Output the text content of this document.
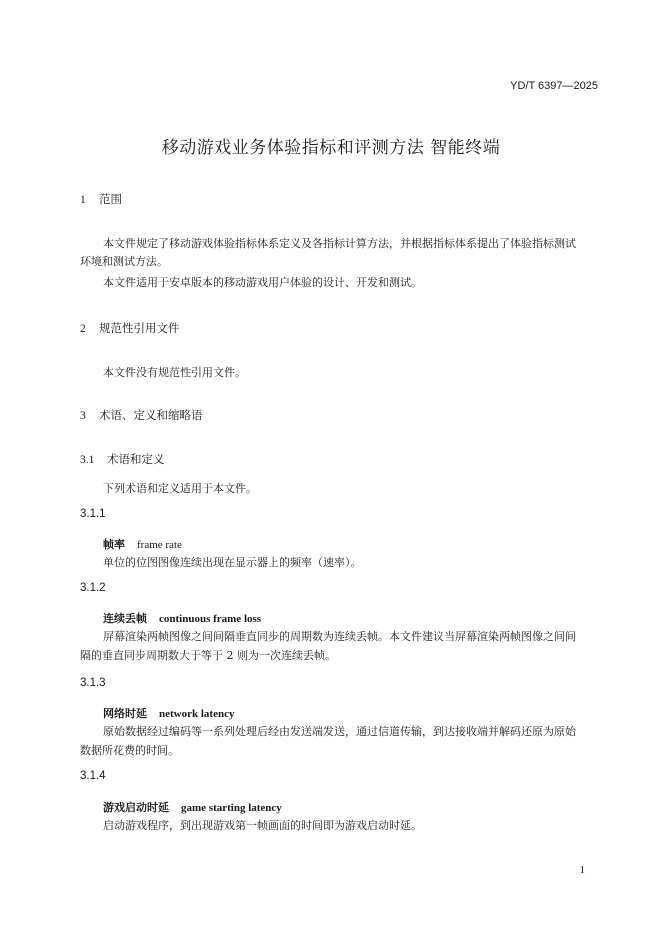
YD/T 6397—2025
移动游戏业务体验指标和评测方法 智能终端
1 范围
本文件规定了移动游戏体验指标体系定义及各指标计算方法，并根据指标体系提出了体验指标测试
环境和测试方法。
本文件适用于安卓版本的移动游戏用户体验的设计、开发和测试。
2 规范性引用文件
本文件没有规范性引用文件。
3 术语、定义和缩略语
3.1 术语和定义
下列术语和定义适用于本文件。
3.1.1
帧率 frame rate
单位的位图图像连续出现在显示器上的频率（速率）。
3.1.2
连续丢帧 continuous frame loss
屏幕渲染两帧图像之间间隔垂直同步的周期数为连续丢帧。本文件建议当屏幕渲染两帧图像之间间
隔的垂直同步周期数大于等于 2 则为一次连续丢帧。
3.1.3
网络时延 network latency
原始数据经过编码等一系列处理后经由发送端发送，通过信道传输，到达接收端并解码还原为原始
数据所花费的时间。
3.1.4
游戏启动时延 game starting latency
启动游戏程序，到出现游戏第一帧画面的时间即为游戏启动时延。
1
